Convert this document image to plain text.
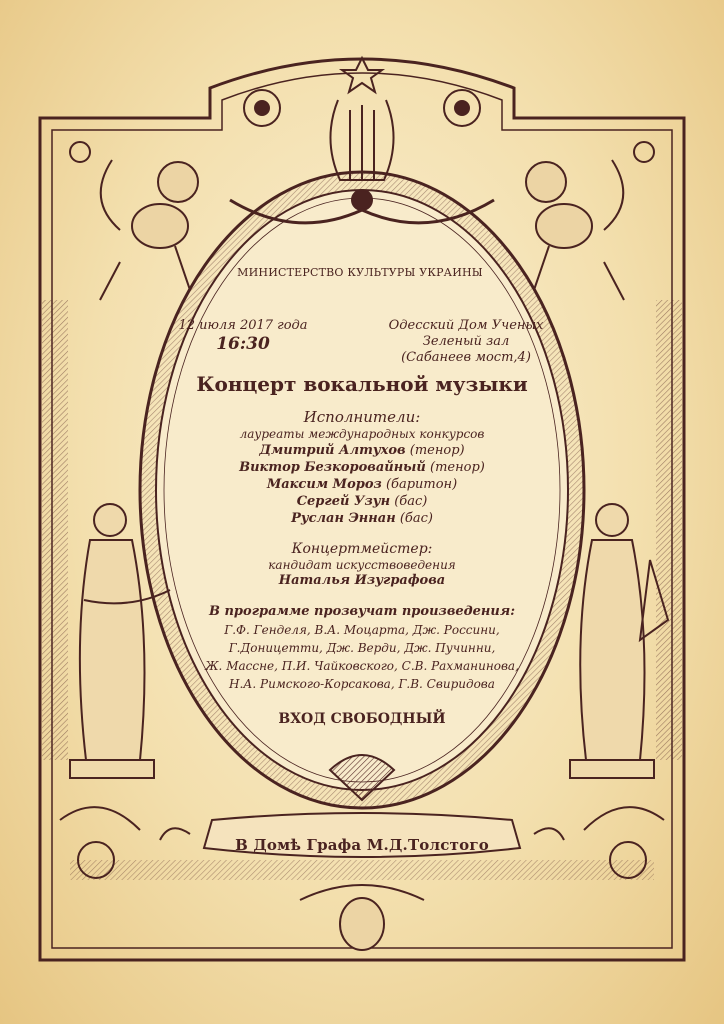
МИНИСТЕРСТВО КУЛЬТУРЫ УКРАИНЫ
12 июля 2017 года
16:30
Одесский Дом Ученых
Зеленый зал
(Сабанеев мост,4)
Концерт вокальной музыки
Исполнители:
лауреаты международных конкурсов
Дмитрий Алтухов (тенор)
Виктор Безкоровайный (тенор)
Максим Мороз (баритон)
Сергей Узун (бас)
Руслан Эннан (бас)
Концертмейстер:
кандидат искусствоведения
Наталья Изуграфова
В программе прозвучат произведения:
Г.Ф. Генделя, В.А. Моцарта, Дж. Россини,
Г.Доницетти, Дж. Верди, Дж. Пучинни,
Ж. Массне, П.И. Чайковского, С.В. Рахманинова,
Н.А. Римского-Корсакова, Г.В. Свиридова
ВХОД СВОБОДНЫЙ
В Домѣ Графа М.Д.Толстого
